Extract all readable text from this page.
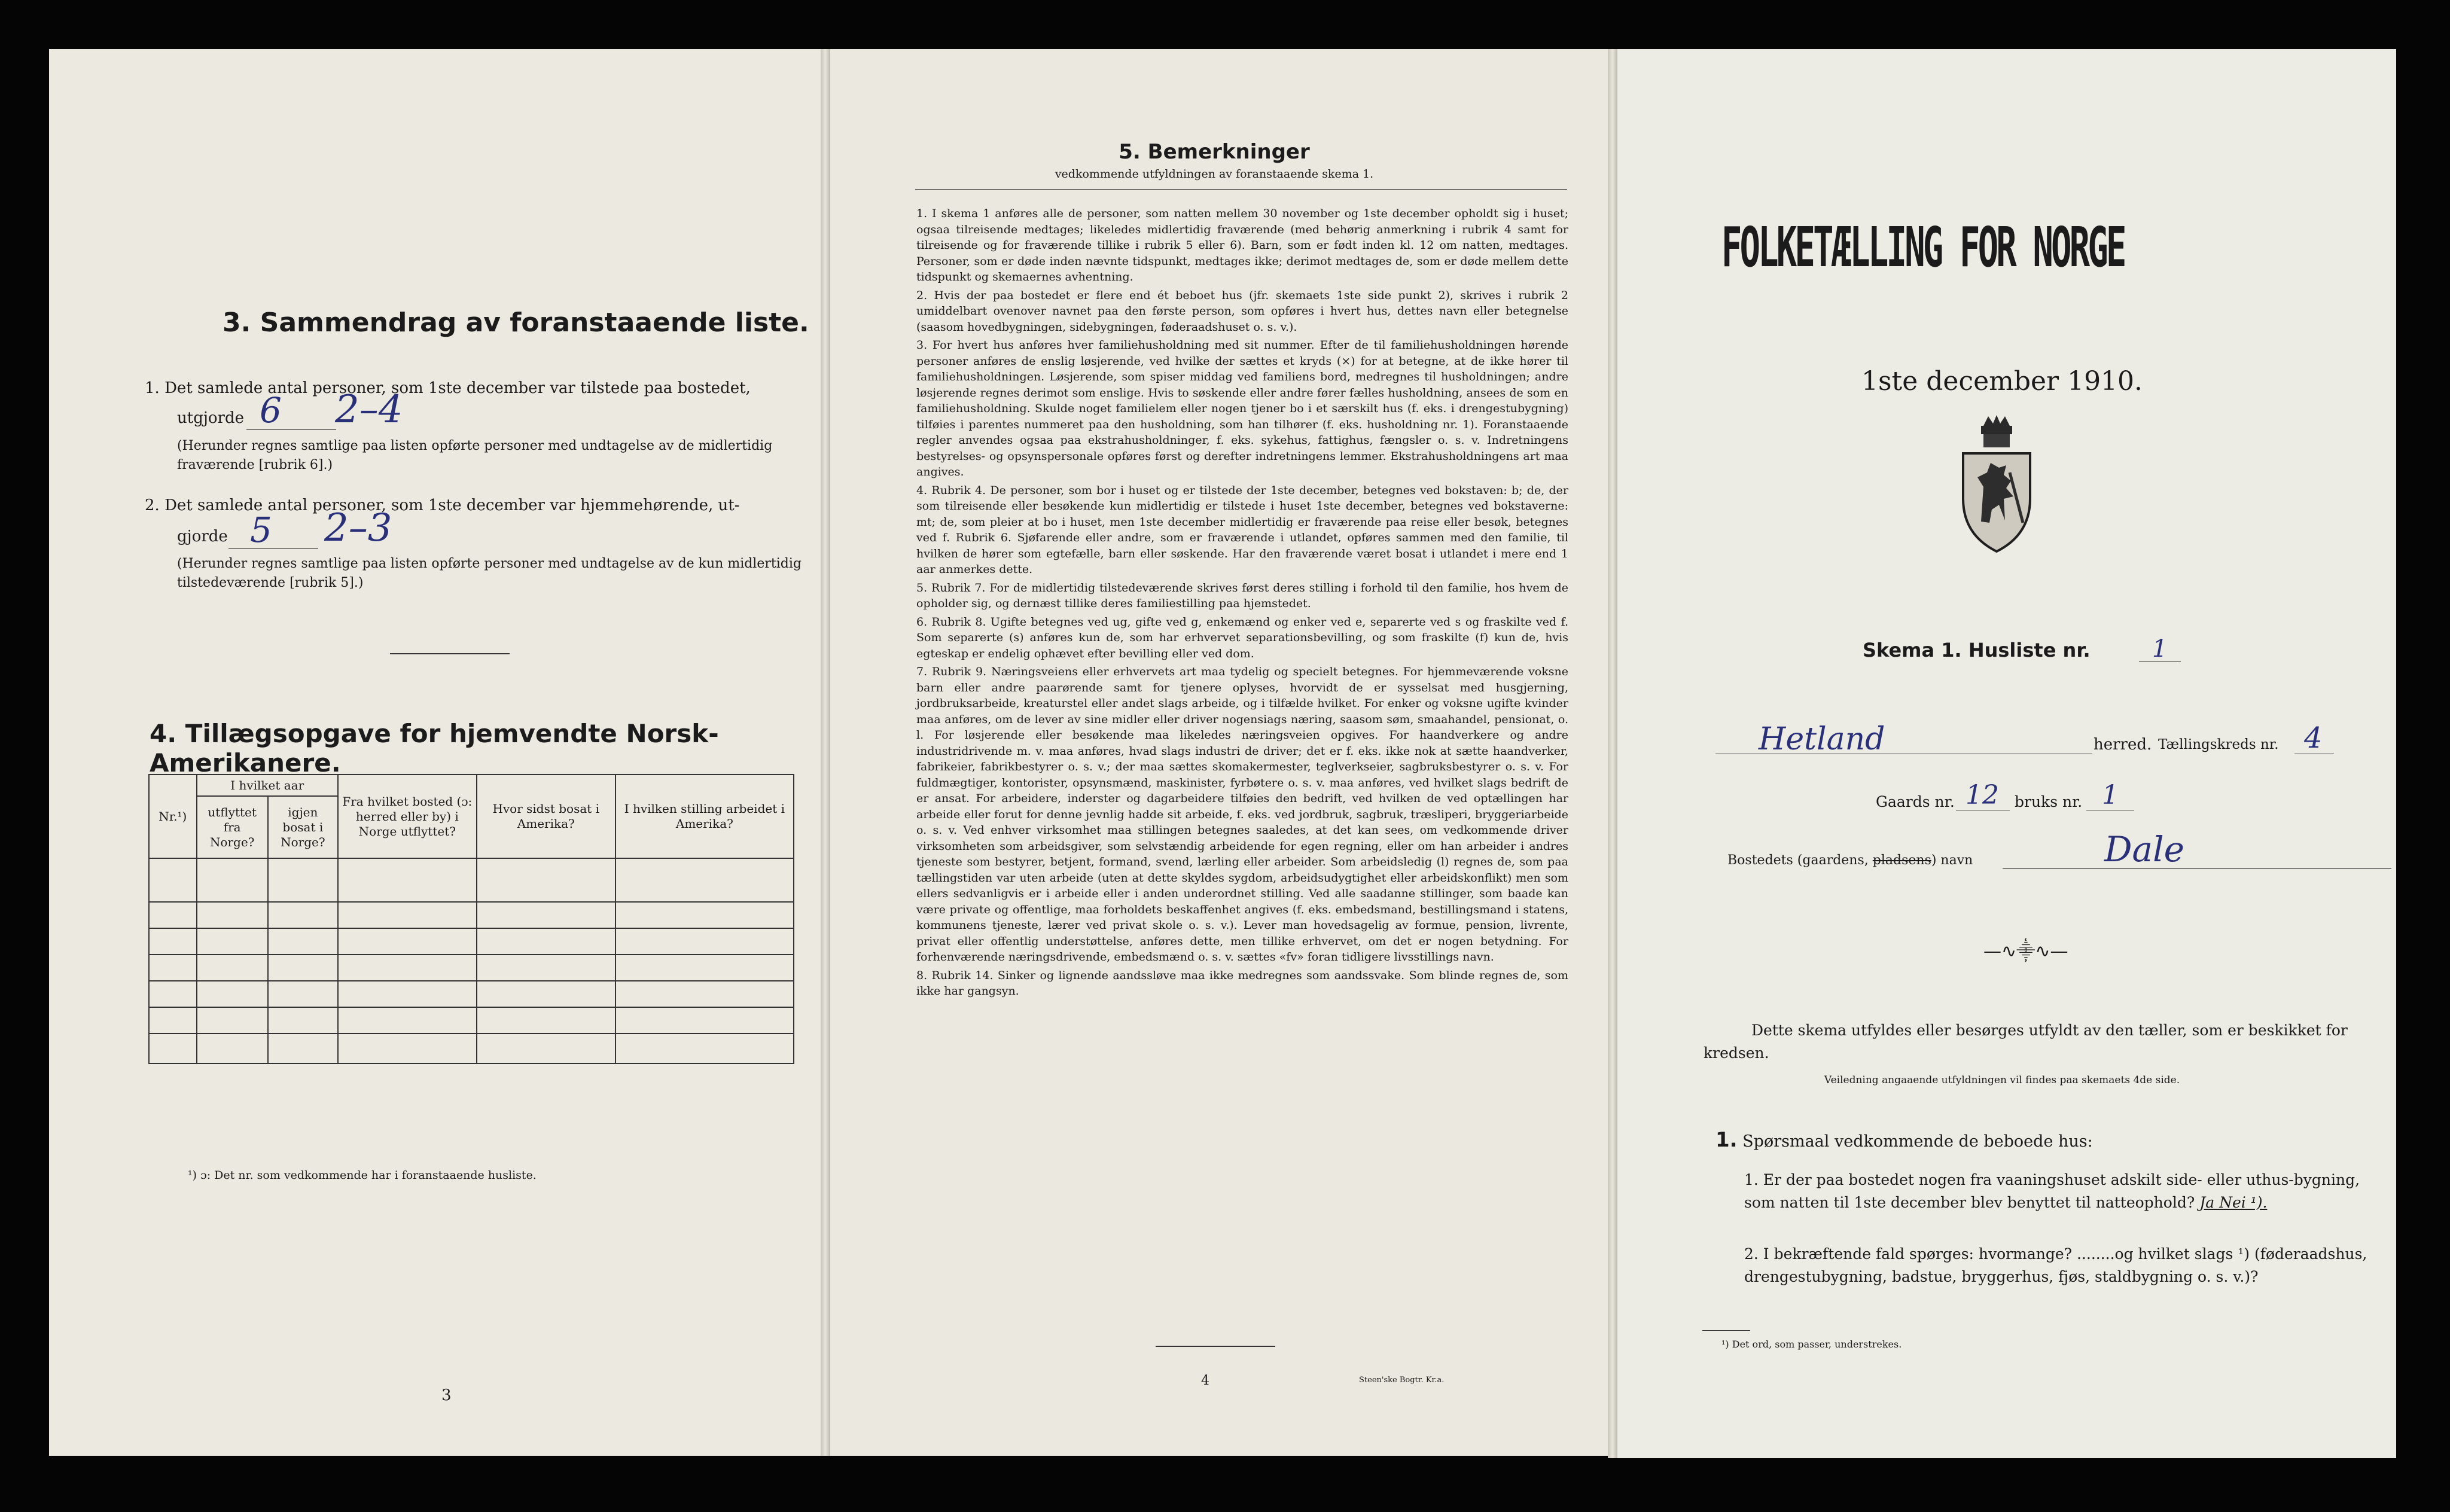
3. Sammendrag av foranstaaende liste.
1. Det samlede antal personer, som 1ste december var tilstede paa bostedet,
utgjorde 6 2–4
(Herunder regnes samtlige paa listen opførte personer med undtagelse av de midlertidig fraværende [rubrik 6].)
2. Det samlede antal personer, som 1ste december var hjemmehørende, ut-
gjorde 5 2–3
(Herunder regnes samtlige paa listen opførte personer med undtagelse av de kun midlertidig tilstedeværende [rubrik 5].)
4. Tillægsopgave for hjemvendte Norsk-Amerikanere.
Nr.¹)	I hvilket aar		Fra hvilket bosted (ɔ: herred eller by) i Norge utflyttet?	Hvor sidst bosat i Amerika?	I hvilken stilling arbeidet i Amerika?
	utflyttet fra Norge?	igjen bosat i Norge?			

¹) ɔ: Det nr. som vedkommende har i foranstaaende husliste.
3
5. Bemerkninger
vedkommende utfyldningen av foranstaaende skema 1.

1. I skema 1 anføres alle de personer, som natten mellem 30 november og 1ste december opholdt sig i huset; ogsaa tilreisende medtages; likeledes midlertidig fraværende (med behørig anmerkning i rubrik 4 samt for tilreisende og for fraværende tillike i rubrik 5 eller 6). Barn, som er født inden kl. 12 om natten, medtages. Personer, som er døde inden nævnte tidspunkt, medtages ikke; derimot medtages de, som er døde mellem dette tidspunkt og skemaernes avhentning.

2. Hvis der paa bostedet er flere end ét beboet hus (jfr. skemaets 1ste side punkt 2), skrives i rubrik 2 umiddelbart ovenover navnet paa den første person, som opføres i hvert hus, dettes navn eller betegnelse (saasom hovedbygningen, sidebygningen, føderaadshuset o. s. v.).

3. For hvert hus anføres hver familiehusholdning med sit nummer. Efter de til familiehusholdningen hørende personer anføres de enslig løsjerende, ved hvilke der sættes et kryds (×) for at betegne, at de ikke hører til familiehusholdningen. Løsjerende, som spiser middag ved familiens bord, medregnes til husholdningen; andre løsjerende regnes derimot som enslige. Hvis to søskende eller andre fører fælles husholdning, ansees de som en familiehusholdning. Skulde noget familielem eller nogen tjener bo i et særskilt hus (f. eks. i drengestubygning) tilføies i parentes nummeret paa den husholdning, som han tilhører (f. eks. husholdning nr. 1). Foranstaaende regler anvendes ogsaa paa ekstrahusholdninger, f. eks. sykehus, fattighus, fængsler o. s. v. Indretningens bestyrelses- og opsynspersonale opføres først og derefter indretningens lemmer. Ekstrahusholdningens art maa angives.

4. Rubrik 4. De personer, som bor i huset og er tilstede der 1ste december, betegnes ved bokstaven: b; de, der som tilreisende eller besøkende kun midlertidig er tilstede i huset 1ste december, betegnes ved bokstaverne: mt; de, som pleier at bo i huset, men 1ste december midlertidig er fraværende paa reise eller besøk, betegnes ved f. Rubrik 6. Sjøfarende eller andre, som er fraværende i utlandet, opføres sammen med den familie, til hvilken de hører som egtefælle, barn eller søskende. Har den fraværende været bosat i utlandet i mere end 1 aar anmerkes dette.

5. Rubrik 7. For de midlertidig tilstedeværende skrives først deres stilling i forhold til den familie, hos hvem de opholder sig, og dernæst tillike deres familiestilling paa hjemstedet.

6. Rubrik 8. Ugifte betegnes ved ug, gifte ved g, enkemænd og enker ved e, separerte ved s og fraskilte ved f. Som separerte (s) anføres kun de, som har erhvervet separationsbevilling, og som fraskilte (f) kun de, hvis egteskap er endelig ophævet efter bevilling eller ved dom.

7. Rubrik 9. Næringsveiens eller erhvervets art maa tydelig og specielt betegnes. For hjemmeværende voksne barn eller andre paarørende samt for tjenere oplyses, hvorvidt de er sysselsat med husgjerning, jordbruksarbeide, kreaturstel eller andet slags arbeide, og i tilfælde hvilket. For enker og voksne ugifte kvinder maa anføres, om de lever av sine midler eller driver nogensiags næring, saasom søm, smaahandel, pensionat, o. l. For løsjerende eller besøkende maa likeledes næringsveien opgives. For haandverkere og andre industridrivende m. v. maa anføres, hvad slags industri de driver; det er f. eks. ikke nok at sætte haandverker, fabrikeier, fabrikbestyrer o. s. v.; der maa sættes skomakermester, teglverkseier, sagbruksbestyrer o. s. v. For fuldmægtiger, kontorister, opsynsmænd, maskinister, fyrbøtere o. s. v. maa anføres, ved hvilket slags bedrift de er ansat. For arbeidere, inderster og dagarbeidere tilføies den bedrift, ved hvilken de ved optællingen har arbeide eller forut for denne jevnlig hadde sit arbeide, f. eks. ved jordbruk, sagbruk, træsliperi, bryggeriarbeide o. s. v. Ved enhver virksomhet maa stillingen betegnes saaledes, at det kan sees, om vedkommende driver virksomheten som arbeidsgiver, som selvstændig arbeidende for egen regning, eller om han arbeider i andres tjeneste som bestyrer, betjent, formand, svend, lærling eller arbeider. Som arbeidsledig (l) regnes de, som paa tællingstiden var uten arbeide (uten at dette skyldes sygdom, arbeidsudygtighet eller arbeidskonflikt) men som ellers sedvanligvis er i arbeide eller i anden underordnet stilling. Ved alle saadanne stillinger, som baade kan være private og offentlige, maa forholdets beskaffenhet angives (f. eks. embedsmand, bestillingsmand i statens, kommunens tjeneste, lærer ved privat skole o. s. v.). Lever man hovedsagelig av formue, pension, livrente, privat eller offentlig understøttelse, anføres dette, men tillike erhvervet, om det er nogen betydning. For forhenværende næringsdrivende, embedsmænd o. s. v. sættes «fv» foran tidligere livsstillings navn.

8. Rubrik 14. Sinker og lignende aandssløve maa ikke medregnes som aandssvake. Som blinde regnes de, som ikke har gangsyn.

4	Steen'ske Bogtr. Kr.a.
FOLKETÆLLING FOR NORGE
1ste december 1910.
Skema 1. Husliste nr.	1
Hetland	herred. Tællingskreds nr. 4
Gaards nr. 12 bruks nr. 1
Bostedets (gaardens, pladsens) navn	Dale
—∿⸎∿—
Dette skema utfyldes eller besørges utfyldt av den tæller, som er beskikket for kredsen.
Veiledning angaaende utfyldningen vil findes paa skemaets 4de side.
1. Spørsmaal vedkommende de beboede hus:
1. Er der paa bostedet nogen fra vaaningshuset adskilt side- eller uthus-bygning, som natten til 1ste december blev benyttet til natteophold? Ja Nei ¹).
2. I bekræftende fald spørges: hvormange? ........og hvilket slags ¹) (føderaadshus, drengestubygning, badstue, bryggerhus, fjøs, staldbygning o. s. v.)?
¹) Det ord, som passer, understrekes.
